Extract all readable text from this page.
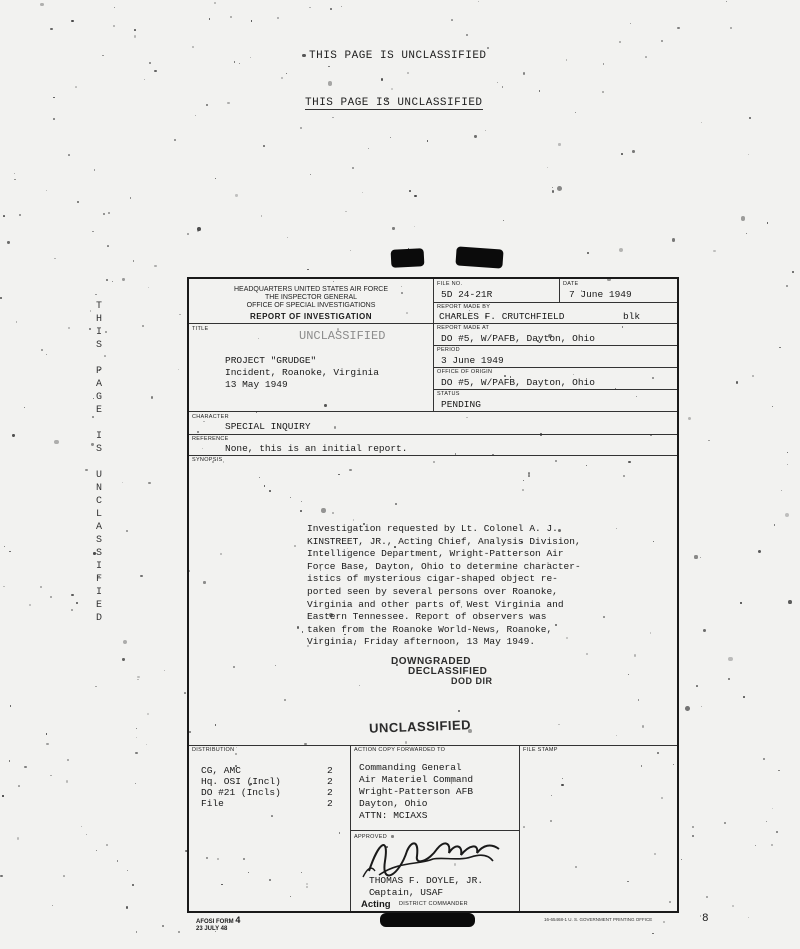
THIS PAGE IS UNCLASSIFIED
THIS PAGE IS UNCLASSIFIED
T
H
I
S
P
A
G
E
I
S
U
N
C
L
A
S
S
I
F
I
E
D
HEADQUARTERS UNITED STATES AIR FORCE
THE INSPECTOR GENERAL
OFFICE OF SPECIAL INVESTIGATIONS
REPORT OF INVESTIGATION
FILE NO.
5D 24-21R
DATE
7 June 1949
REPORT MADE BY
CHARLES F. CRUTCHFIELD	blk
REPORT MADE AT
DO #5, W/PAFB, Dayton, Ohio
PERIOD
3 June 1949
OFFICE OF ORIGIN
DO #5, W/PAFB, Dayton, Ohio
STATUS
PENDING
TITLE	UNCLASSIFIED
PROJECT "GRUDGE"
Incident, Roanoke, Virginia
13 May 1949
CHARACTER
SPECIAL INQUIRY
REFERENCE
None, this is an initial report.
SYNOPSIS
Investigation requested by Lt. Colonel A. J.
KINSTREET, JR., Acting Chief, Analysis Division,
Intelligence Department, Wright-Patterson Air
Force Base, Dayton, Ohio to determine character-
istics of mysterious cigar-shaped object re-
ported seen by several persons over Roanoke,
Virginia and other parts of West Virginia and
Eastern Tennessee. Report of observers was
taken from the Roanoke World-News, Roanoke,
Virginia, Friday afternoon, 13 May 1949.
DOWNGRADED
DECLASSIFIED
DOD DIR
UNCLASSIFIED
DISTRIBUTION
CG, AMC	2
Hq. OSI (Incl)	2
DO #21 (Incls)	2
File	2
ACTION COPY FORWARDED TO
Commanding General
Air Materiel Command
Wright-Patterson AFB
Dayton, Ohio
ATTN: MCIAXS
FILE STAMP
APPROVED
THOMAS F. DOYLE, JR.
Captain, USAF
Acting DISTRICT COMMANDER
AFOSI FORM 4
23 JULY 48
16-65468-1 U. S. GOVERNMENT PRINTING OFFICE	8
